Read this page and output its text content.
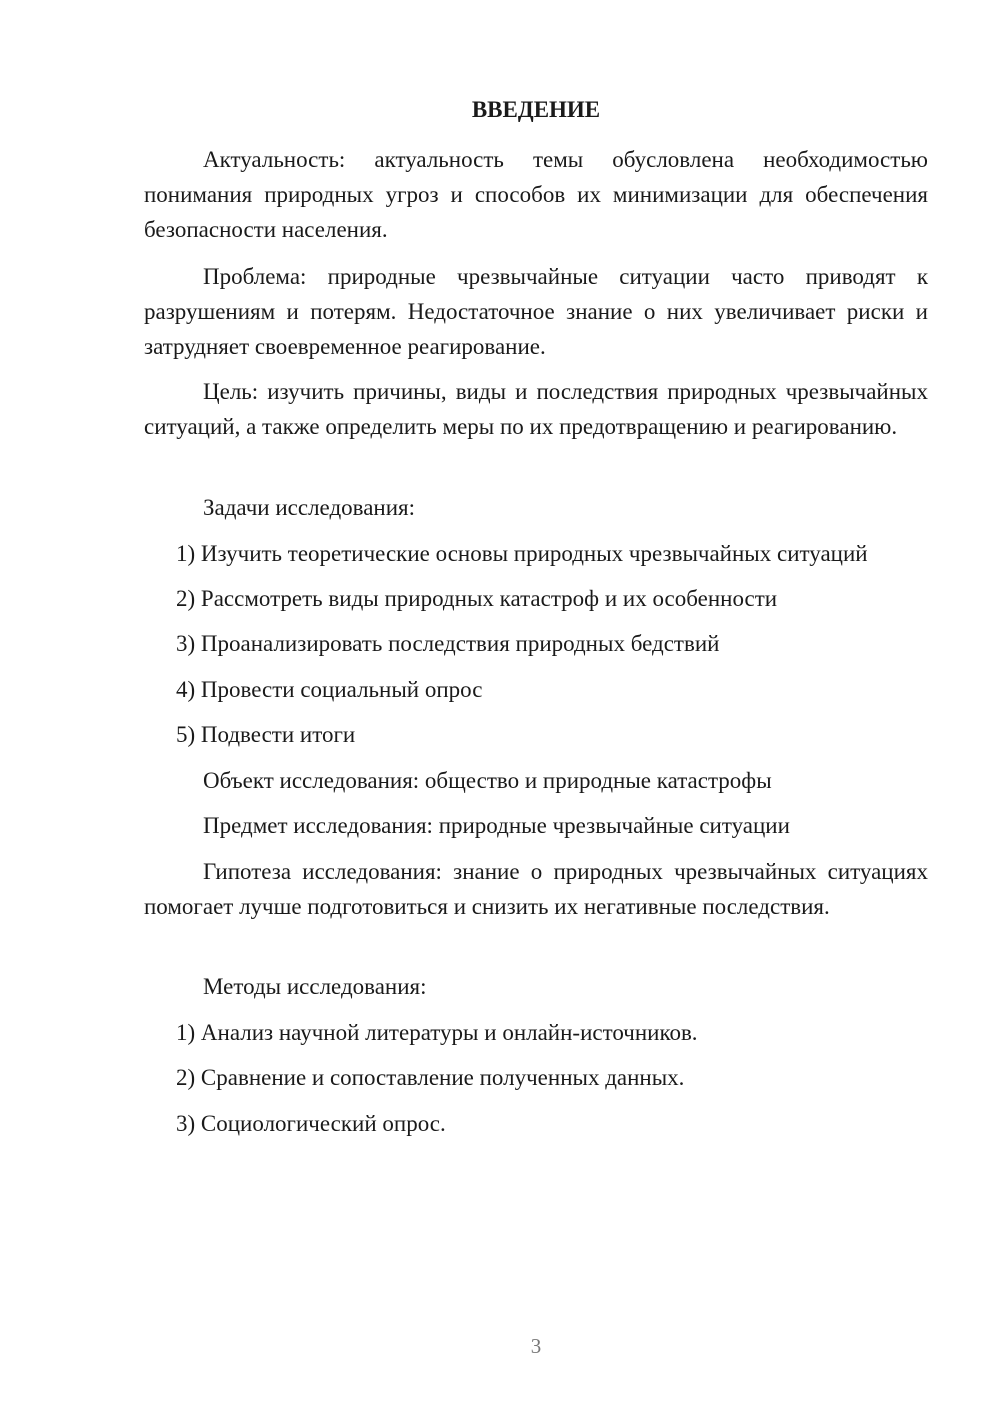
ВВЕДЕНИЕ

Актуальность: актуальность темы обусловлена необходимостью понимания природных угроз и способов их минимизации для обеспечения безопасности населения.

Проблема: природные чрезвычайные ситуации часто приводят к разрушениям и потерям. Недостаточное знание о них увеличивает риски и затрудняет своевременное реагирование.

Цель: изучить причины, виды и последствия природных чрезвычайных ситуаций, а также определить меры по их предотвращению и реагированию.

Задачи исследования:

1) Изучить теоретические основы природных чрезвычайных ситуаций

2) Рассмотреть виды природных катастроф и их особенности

3) Проанализировать последствия природных бедствий

4) Провести социальный опрос

5) Подвести итоги

Объект исследования: общество и природные катастрофы

Предмет исследования: природные чрезвычайные ситуации

Гипотеза исследования: знание о природных чрезвычайных ситуациях помогает лучше подготовиться и снизить их негативные последствия.

Методы исследования:

1) Анализ научной литературы и онлайн-источников.

2) Сравнение и сопоставление полученных данных.

3) Социологический опрос.

3
